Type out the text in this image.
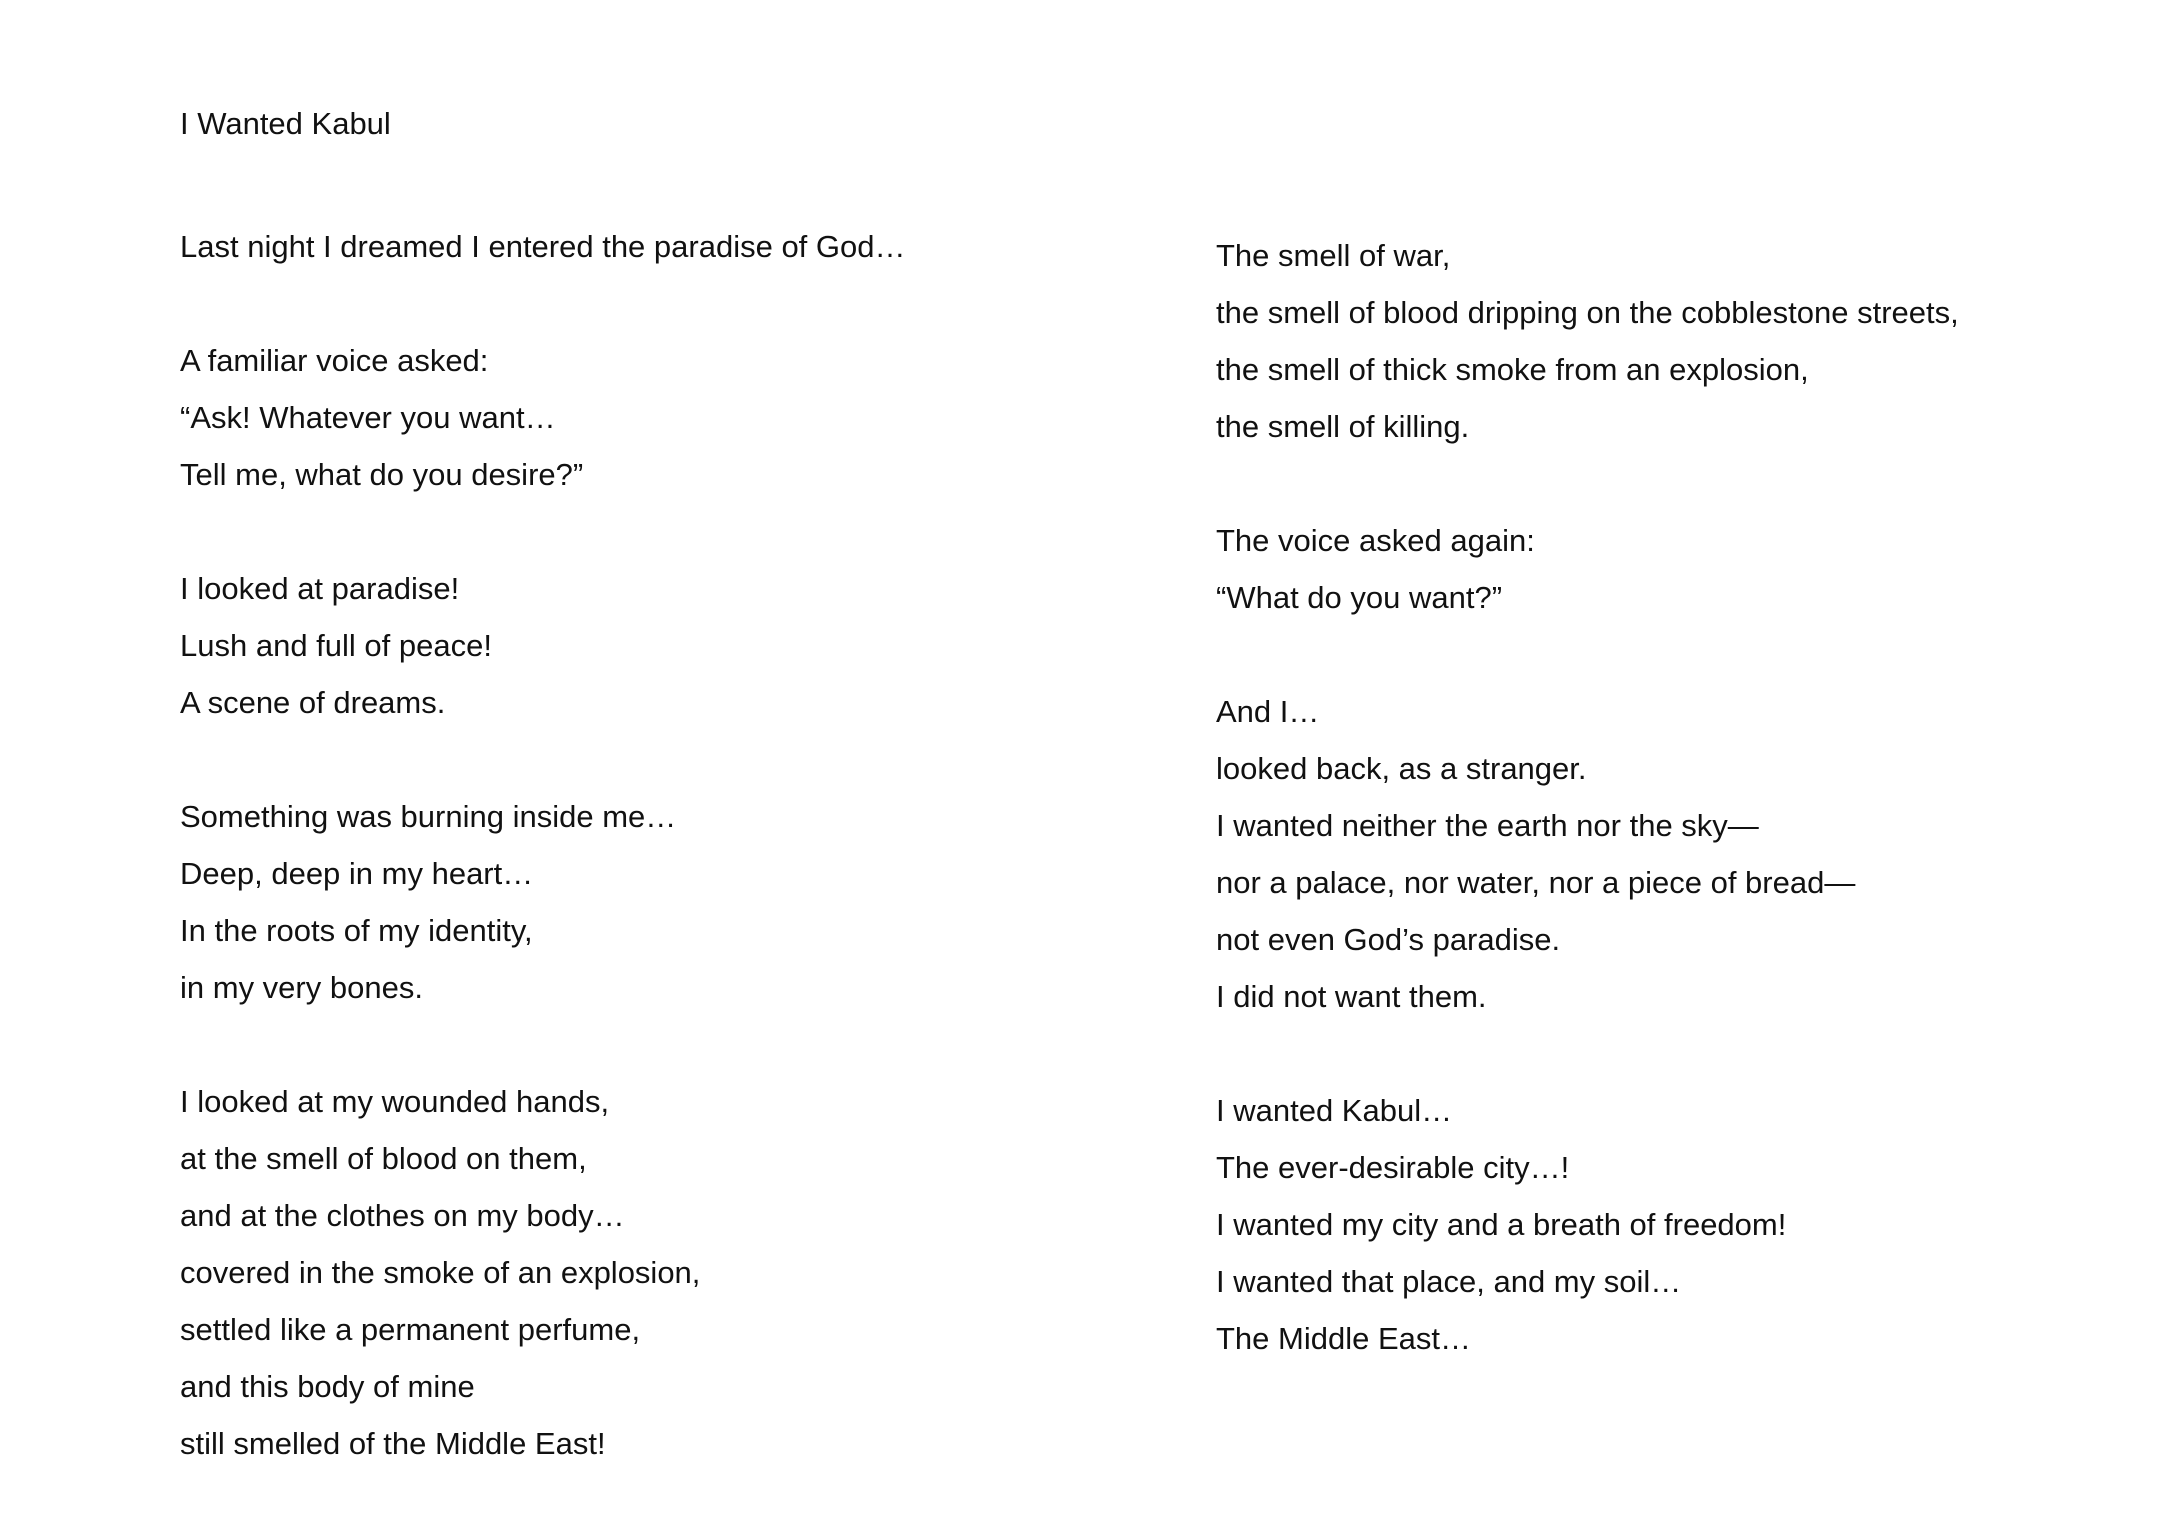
I Wanted Kabul
Last night I dreamed I entered the paradise of God…
A familiar voice asked:
“Ask! Whatever you want…
Tell me, what do you desire?”
I looked at paradise!
Lush and full of peace!
A scene of dreams.
Something was burning inside me…
Deep, deep in my heart…
In the roots of my identity,
in my very bones.
I looked at my wounded hands,
at the smell of blood on them,
and at the clothes on my body…
covered in the smoke of an explosion,
settled like a permanent perfume,
and this body of mine
still smelled of the Middle East!
The smell of war,
the smell of blood dripping on the cobblestone streets,
the smell of thick smoke from an explosion,
the smell of killing.
The voice asked again:
“What do you want?”
And I…
looked back, as a stranger.
I wanted neither the earth nor the sky—
nor a palace, nor water, nor a piece of bread—
not even God’s paradise.
I did not want them.
I wanted Kabul…
The ever-desirable city…!
I wanted my city and a breath of freedom!
I wanted that place, and my soil…
The Middle East…
